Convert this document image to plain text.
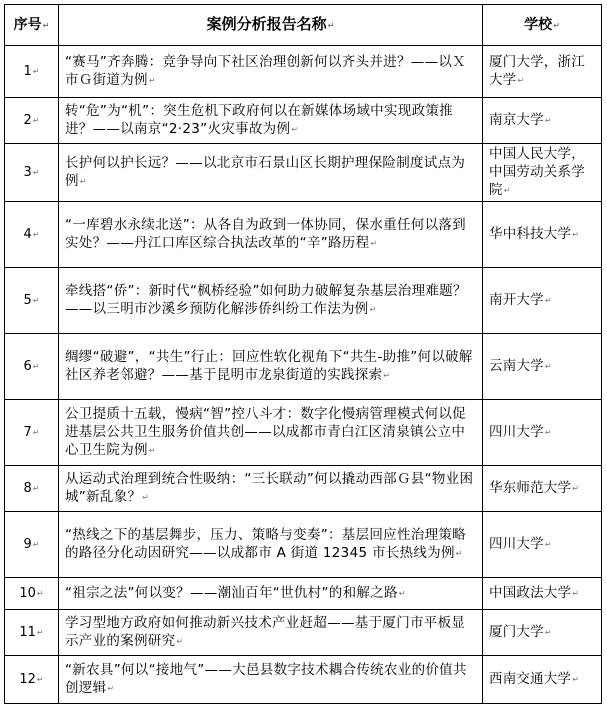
序号↵	案例分析报告名称↵	学校↵
1↵	“赛马”齐奔腾：竞争导向下社区治理创新何以齐头并进？——以Ｘ市Ｇ街道为例↵	厦门大学，浙江大学↵
2↵	转“危”为“机”：突生危机下政府何以在新媒体场域中实现政策推进？——以南京“2·23”火灾事故为例↵	南京大学↵
3↵	长护何以护长远？——以北京市石景山区长期护理保险制度试点为例↵	中国人民大学，中国劳动关系学院↵
4↵	“一库碧水永续北送”：从各自为政到一体协同，保水重任何以落到实处？——丹江口库区综合执法改革的“辛”路历程↵	华中科技大学↵
5↵	牵线搭“侨”：新时代“枫桥经验”如何助力破解复杂基层治理难题？——以三明市沙溪乡预防化解涉侨纠纷工作法为例↵	南开大学↵
6↵	绸缪“破避”，“共生”行止：回应性软化视角下“共生-助推”何以破解社区养老邻避？——基于昆明市龙泉街道的实践探索↵	云南大学↵
7↵	公卫提质十五载，慢病“智”控八斗才：数字化慢病管理模式何以促进基层公共卫生服务价值共创——以成都市青白江区清泉镇公立中心卫生院为例↵	四川大学↵
8↵	从运动式治理到统合性吸纳：“三长联动”何以撬动西部Ｇ县“物业困城”新乱象？↵	华东师范大学↵
9↵	“热线之下的基层舞步，压力、策略与变奏”：基层回应性治理策略的路径分化动因研究——以成都市 A 街道 12345 市长热线为例↵	四川大学↵
10↵	“祖宗之法”何以变？——潮汕百年“世仇村”的和解之路↵	中国政法大学↵
11↵	学习型地方政府如何推动新兴技术产业赶超——基于厦门市平板显示产业的案例研究↵	厦门大学↵
12↵	“新农具”何以“接地气”——大邑县数字技术耦合传统农业的价值共创逻辑↵	西南交通大学↵
